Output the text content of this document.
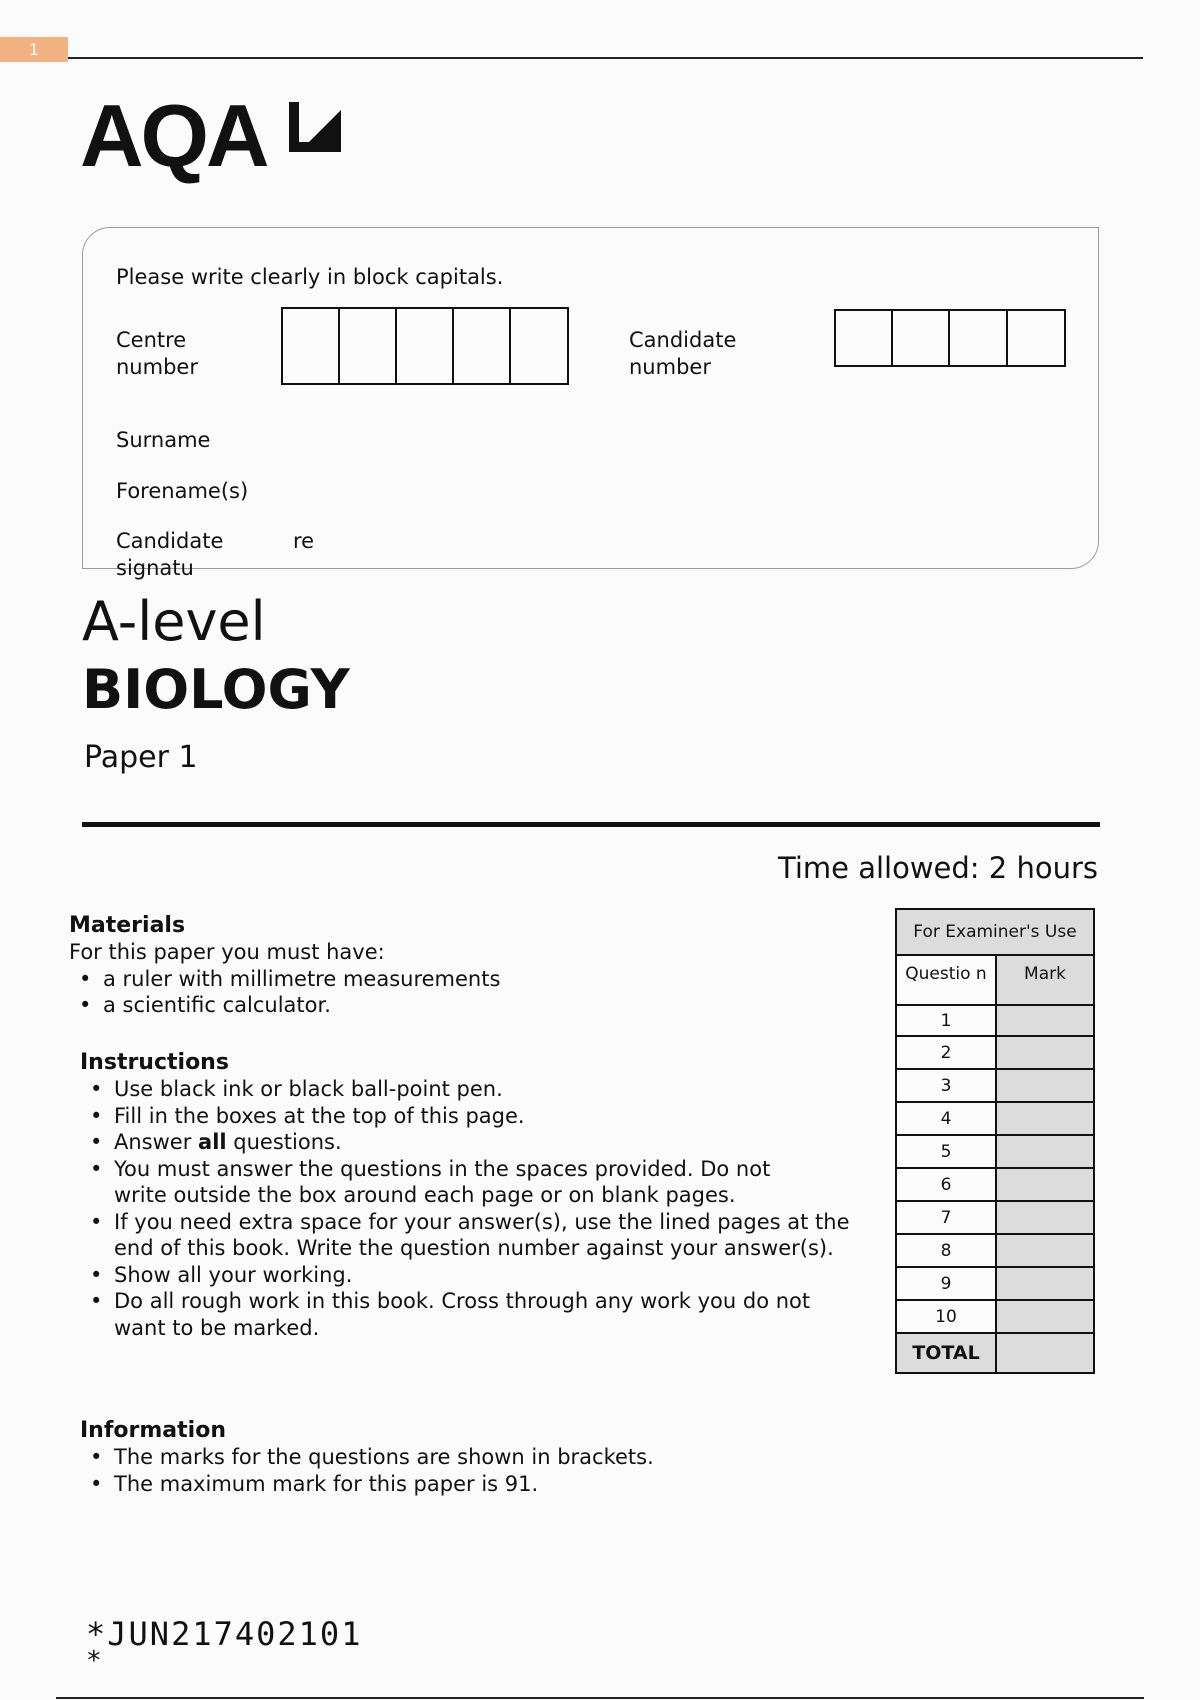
1
AQA
Please write clearly in block capitals.
Centre
number
Candidate
number
Surname
Forename(s)
Candidate	re
signatu
A-level
BIOLOGY
Paper 1
Time allowed: 2 hours
Materials
For this paper you must have:
• a ruler with millimetre measurements
• a scientific calculator.
Instructions
• Use black ink or black ball-point pen.
• Fill in the boxes at the top of this page.
• Answer all questions.
• You must answer the questions in the spaces provided. Do not write outside the box around each page or on blank pages.
• If you need extra space for your answer(s), use the lined pages at the end of this book. Write the question number against your answer(s).
• Show all your working.
• Do all rough work in this book. Cross through any work you do not want to be marked.
Information
• The marks for the questions are shown in brackets.
• The maximum mark for this paper is 91.
For Examiner's Use	
Questio n	Mark
1	
2	
3	
4	
5	
6	
7	
8	
9	
10	
TOTAL	
*JUN217402101
*
